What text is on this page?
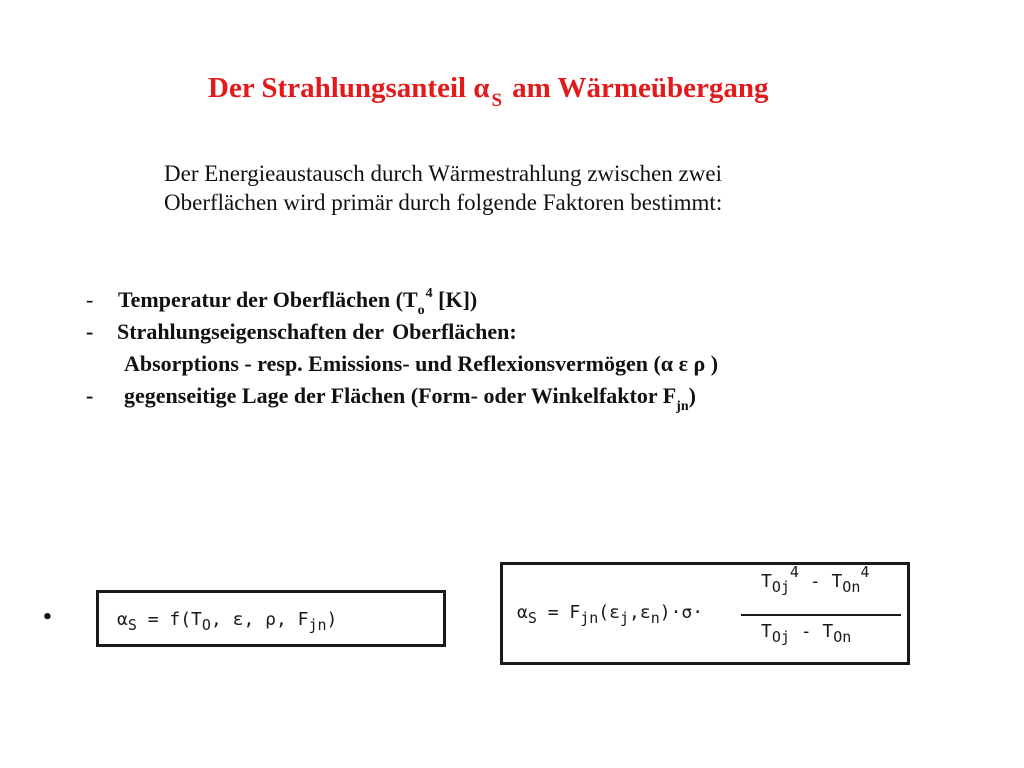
Der Strahlungsanteil α $_S$ am Wärmeübergang
Der Energieaustausch durch Wärmestrahlung zwischen zwei
Oberflächen wird primär durch folgende Faktoren bestimmt:
- Temperatur der Oberflächen ($T_o^4$ [K])
- Strahlungseigenschaften der Oberflächen:
Absorptions - resp. Emissions- und Reflexionsvermögen (α ε ρ )
- gegenseitige Lage der Flächen (Form- oder Winkelfaktor $F_{jn}$)
•	$\alpha_S = f(T_O$, ε, ρ, $F_{jn}$)	$\alpha_S = F_{jn}(\varepsilon_j,\varepsilon_n)\cdot\sigma\cdot$
$T_{Oj}^4 - T_{On}^4$
$T_{Oj} - T_{On}$
